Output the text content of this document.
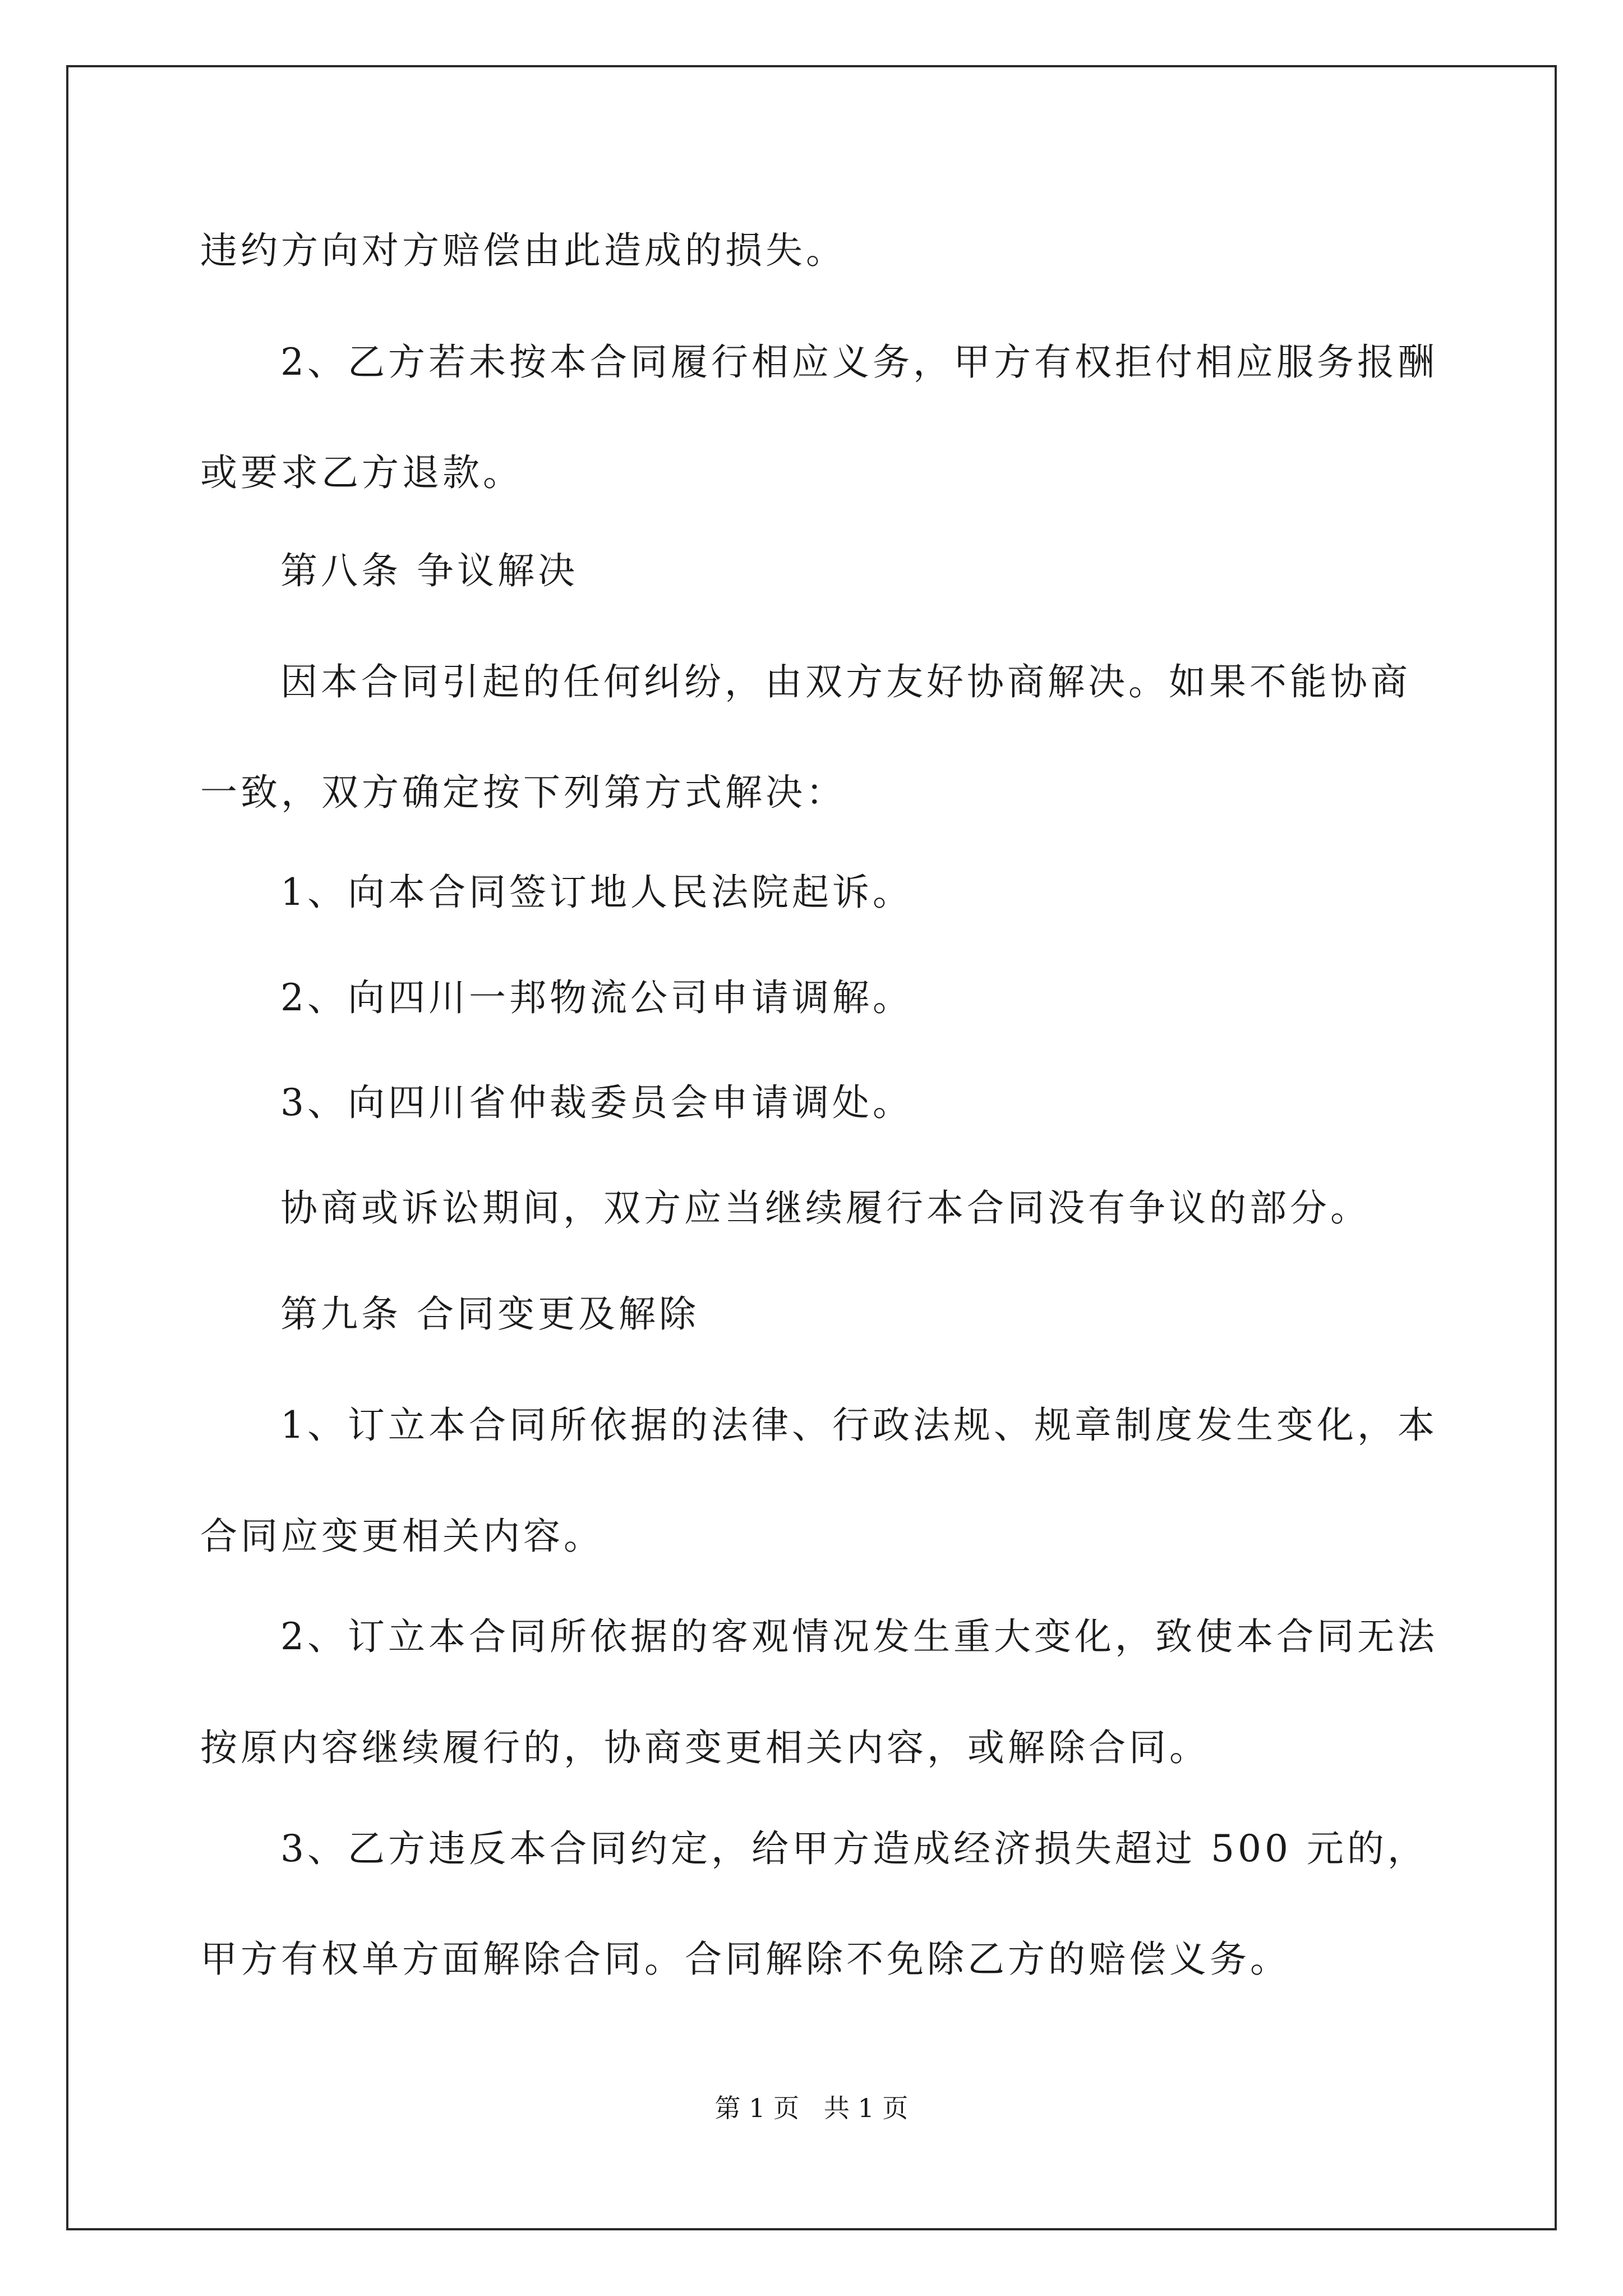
违约方向对方赔偿由此造成的损失。
2、乙方若未按本合同履行相应义务，甲方有权拒付相应服务报酬
或要求乙方退款。
第八条 争议解决
因本合同引起的任何纠纷，由双方友好协商解决。如果不能协商
一致，双方确定按下列第方式解决：
1、向本合同签订地人民法院起诉。
2、向四川一邦物流公司申请调解。
3、向四川省仲裁委员会申请调处。
协商或诉讼期间，双方应当继续履行本合同没有争议的部分。
第九条 合同变更及解除
1、订立本合同所依据的法律、行政法规、规章制度发生变化，本
合同应变更相关内容。
2、订立本合同所依据的客观情况发生重大变化，致使本合同无法
按原内容继续履行的，协商变更相关内容，或解除合同。
3、乙方违反本合同约定，给甲方造成经济损失超过 500 元的，
甲方有权单方面解除合同。合同解除不免除乙方的赔偿义务。
第 1 页   共 1 页
